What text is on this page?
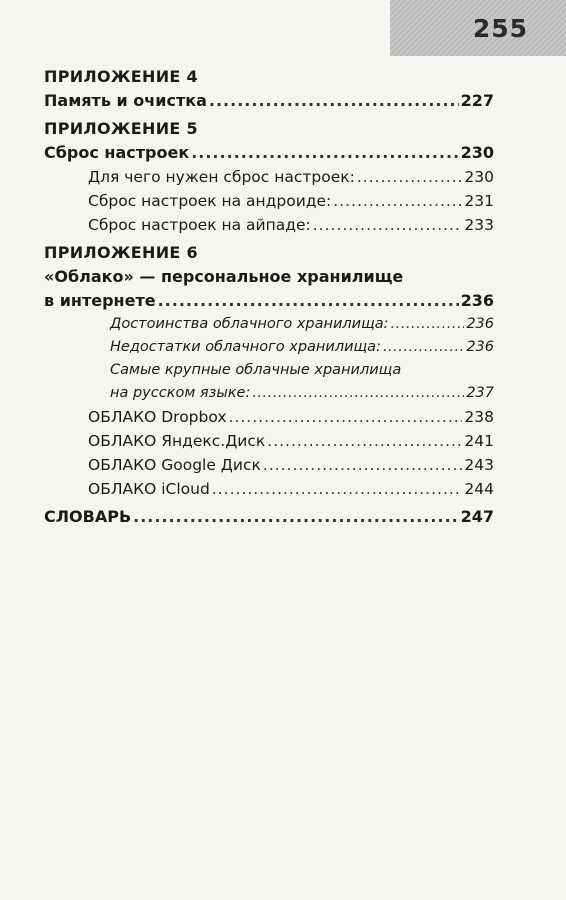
255
ПРИЛОЖЕНИЕ 4
Память и очистка .....	227
ПРИЛОЖЕНИЕ 5
Сброс настроек .....	230
Для чего нужен сброс настроек: .....	230
Сброс настроек на андроиде: .....	231
Сброс настроек на айпаде: .....	233
ПРИЛОЖЕНИЕ 6
«Облако» — персональное хранилище
в интернете .....	236
Достоинства облачного хранилища: .....	236
Недостатки облачного хранилища: .....	236
Самые крупные облачные хранилища
на русском языке: .....	237
ОБЛАКО Dropbox .....	238
ОБЛАКО Яндекс.Диск .....	241
ОБЛАКО Google Диск .....	243
ОБЛАКО iCloud .....	244
СЛОВАРЬ .....	247
